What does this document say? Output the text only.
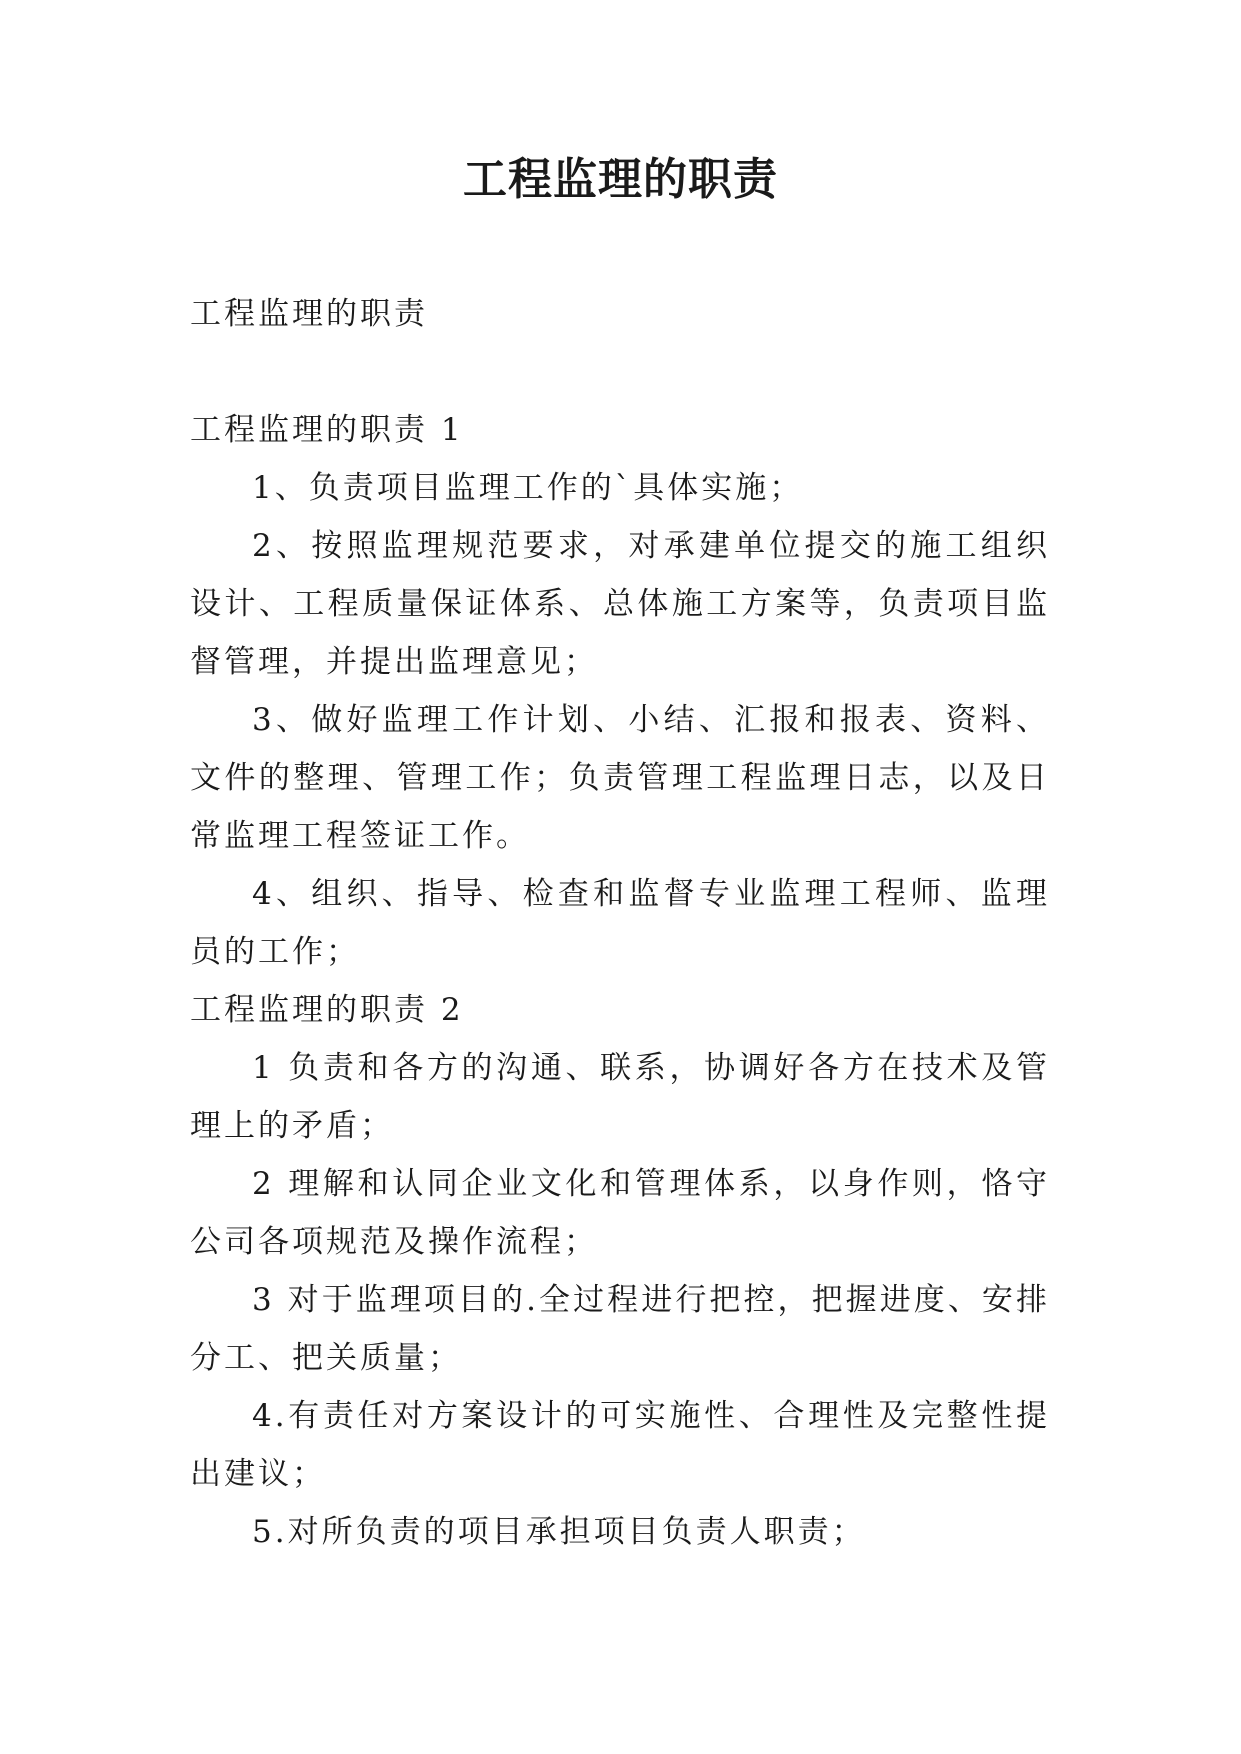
工程监理的职责
工程监理的职责
工程监理的职责 1

1、负责项目监理工作的`具体实施；

2、按照监理规范要求，对承建单位提交的施工组织设计、工程质量保证体系、总体施工方案等，负责项目监督管理，并提出监理意见；

3、做好监理工作计划、小结、汇报和报表、资料、文件的整理、管理工作；负责管理工程监理日志，以及日常监理工程签证工作。

4、组织、指导、检查和监督专业监理工程师、监理员的工作；

工程监理的职责 2

1 负责和各方的沟通、联系，协调好各方在技术及管理上的矛盾；

2 理解和认同企业文化和管理体系，以身作则，恪守公司各项规范及操作流程；

3 对于监理项目的.全过程进行把控，把握进度、安排分工、把关质量；

4.有责任对方案设计的可实施性、合理性及完整性提出建议；

5.对所负责的项目承担项目负责人职责；
